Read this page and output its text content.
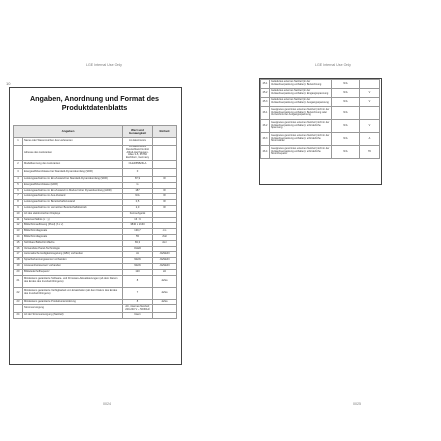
LGE Internal Use Only
10
Angaben, Anordnung und Format des Produktdatenblatts
Angaben		Wert und Genauigkeit	Einheit
1	Name oder Warenzeichen des Lieferanten	LG Electronics	
	Adresse des Lieferanten	LG Electronics Deutschland GmbH Alfred-Herrhausen-Allee 3-5, 65760 Eschborn, Germany	
2	Modellkennung des Lieferanten	OLED55B26LA	
3	Energieeffizienzklasse bei Standard-Dynamikumfang (SDR)	F	
4	Leistungsaufnahme im Ein-Zustand bei Standard-Dynamikumfang (SDR)	87,9	W
5	Energieeffizienzklasse (HDR)	G	
6	Leistungsaufnahme im Ein-Zustand im Modus hoher Dynamikumfang (HDR)	187	W
7	Leistungsaufnahme im Aus-Zustand	N/A	W
8	Leistungsaufnahme im Bereitschaftszustand	0,5	W
9	Leistungsaufnahme im vernetzten Bereitschaftsbetrieb	2,0	W
10	Art des elektronischen Displays	Fernsehgerät	
11	Seitenverhältnis (x : y)	16 : 9	
12	Bildschirmauflösung (Pixel) (h x v)	3840 x 2160	
13	Bildschirmdiagonale	139,7	cm
14	Bildschirmdiagonale	55	Zoll
15	Sichtbare Bildschirmfläche	83,3	dm²
16	Verwendete Panel-Technologie	OLED	
17	Automatische Helligkeitsregelung (ABC) vorhanden	JA	JA/NEIN
18	Spracherkennungssensor vorhanden	NEIN	JA/NEIN
19	Anwesenheitssensor vorhanden	NEIN	JA/NEIN
20	Bildwiederholfrequenz	120	Hz
21	Mindestens garantierte Software- und Firmware-Aktualisierungen (ab dem Datum des Endes des Inverkehrbringens)	8	Jahre
22	Mindestens garantierte Verfügbarkeit von Ersatzteilen (ab dem Datum des Endes des Inverkehrbringens)	7	Jahre
23	Mindestens garantierte Produktunterstützung	8	Jahre
	Stromversorgung	AC, internes Netzteil; 220-240 V ~ 50/60Hz	
24	Art der Stromversorgung (Netzteil)	Intern	
0024
LGE Internal Use Only
25.1	Geliefertes externes Netzteil (in der Verkaufsverpackung enthalten): Bezeichnung	N/A	
25.2	Geliefertes externes Netzteil (in der Verkaufsverpackung enthalten): Eingangsspannung	N/A	V
25.3	Geliefertes externes Netzteil (in der Verkaufsverpackung enthalten): Ausgangsspannung	N/A	V
26.1	Geeignetes genormtes externes Netzteil (nicht in der Verkaufsverpackung enthalten): Bezeichnung oder Verzeichnis der Ausgangsspannung	N/A	
26.2	Geeignetes genormtes externes Netzteil (nicht in der Verkaufsverpackung enthalten): erforderliche Spannung	N/A	V
26.3	Geeignetes genormtes externes Netzteil (nicht in der Verkaufsverpackung enthalten): erforderliche Stromstärke	N/A	A
26.4	Geeignetes genormtes externes Netzteil (nicht in der Verkaufsverpackung enthalten): erforderliche Stromfrequenz	N/A	Hz
0025
